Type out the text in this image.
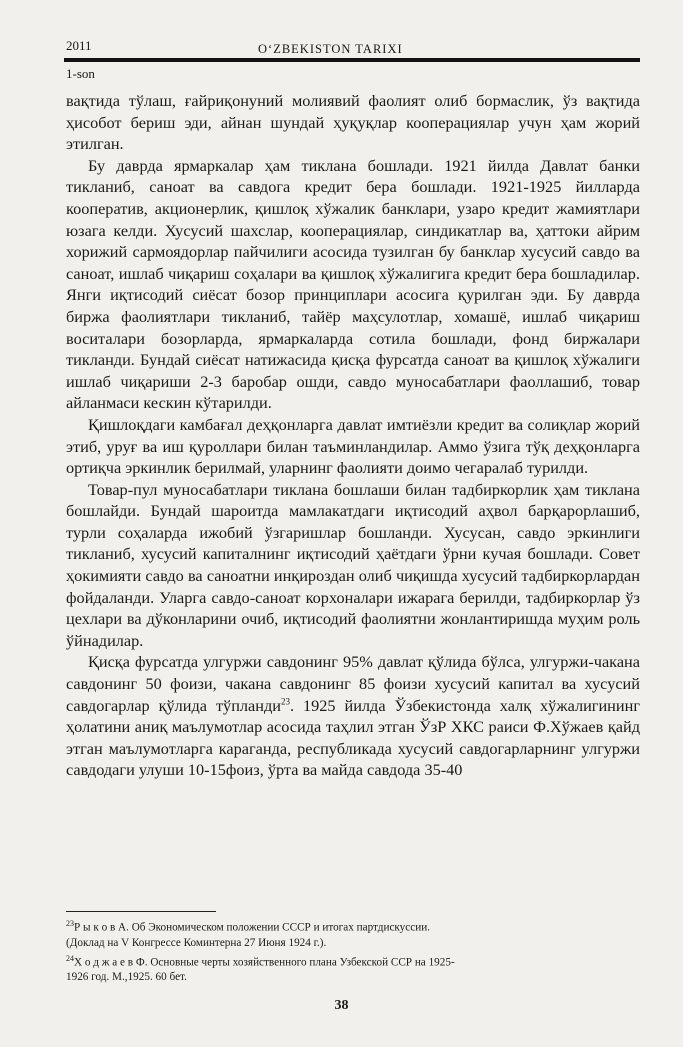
2011	O‘ZBEKISTON TARIXI
1-son

вақтида тўлаш, ғайриқонуний молиявий фаолият олиб бормаслик, ўз вақтида ҳисобот бериш эди, айнан шундай ҳуқуқлар кооперациялар учун ҳам жорий этилган.

Бу даврда ярмаркалар ҳам тиклана бошлади. 1921 йилда Давлат банки тикланиб, саноат ва савдога кредит бера бошлади. 1921-1925 йилларда кооператив, акционерлик, қишлоқ хўжалик банклари, узаро кредит жамиятлари юзага келди. Хусусий шахслар, кооперациялар, синдикатлар ва, ҳаттоки айрим хорижий сармоядорлар пайчилиги асосида тузилган бу банклар хусусий савдо ва саноат, ишлаб чиқариш соҳалари ва қишлоқ хўжалигига кредит бера бошладилар. Янги иқтисодий сиёсат бозор принциплари асосига қурилган эди. Бу даврда биржа фаолиятлари тикланиб, тайёр маҳсулотлар, хомашё, ишлаб чиқариш воситалари бозорларда, ярмаркаларда сотила бошлади, фонд биржалари тикланди. Бундай сиёсат натижасида қисқа фурсатда саноат ва қишлоқ хўжалиги ишлаб чиқариши 2-3 баробар ошди, савдо муносабатлари фаоллашиб, товар айланмаси кескин кўтарилди.

Қишлоқдаги камбағал деҳқонларга давлат имтиёзли кредит ва солиқлар жорий этиб, уруғ ва иш қуроллари билан таъминландилар. Аммо ўзига тўқ деҳқонларга ортиқча эркинлик берилмай, уларнинг фаолияти доимо чегаралаб турилди.

Товар-пул муносабатлари тиклана бошлаши билан тадбиркорлик ҳам тиклана бошлайди. Бундай шароитда мамлакатдаги иқтисодий аҳвол барқарорлашиб, турли соҳаларда ижобий ўзгаришлар бошланди. Хусусан, савдо эркинлиги тикланиб, хусусий капиталнинг иқтисодий ҳаётдаги ўрни кучая бошлади. Совет ҳокимияти савдо ва саноатни инқироздан олиб чиқишда хусусий тадбиркорлардан фойдаланди. Уларга савдо-саноат корхоналари ижарага берилди, тадбиркорлар ўз цехлари ва дўконларини очиб, иқтисодий фаолиятни жонлантиришда муҳим роль ўйнадилар.

Қисқа фурсатда улгуржи савдонинг 95% давлат қўлида бўлса, улгуржи-чакана савдонинг 50 фоизи, чакана савдонинг 85 фоизи хусусий капитал ва хусусий савдогарлар қўлида тўпланди$^{23}$. 1925 йилда Ўзбекистонда халқ хўжалигининг ҳолатини аниқ маълумотлар асосида таҳлил этган ЎзР ХКС раиси Ф.Хўжаев қайд этган маълумотларга караганда, республикада хусусий савдогарларнинг улгуржи савдодаги улуши 10-15фоиз, ўрта ва майда савдода 35-40

$^{23}$Р ы к о в А. Об Экономическом положении СССР и итогах партдискуссии.

(Доклад на V Конгрессе Коминтерна 27 Июня 1924 г.).

$^{24}$Х о д ж а е в Ф. Основные черты хозяйственного плана Узбекской ССР на 1925-

1926 год. М.,1925. 60 бет.

38
